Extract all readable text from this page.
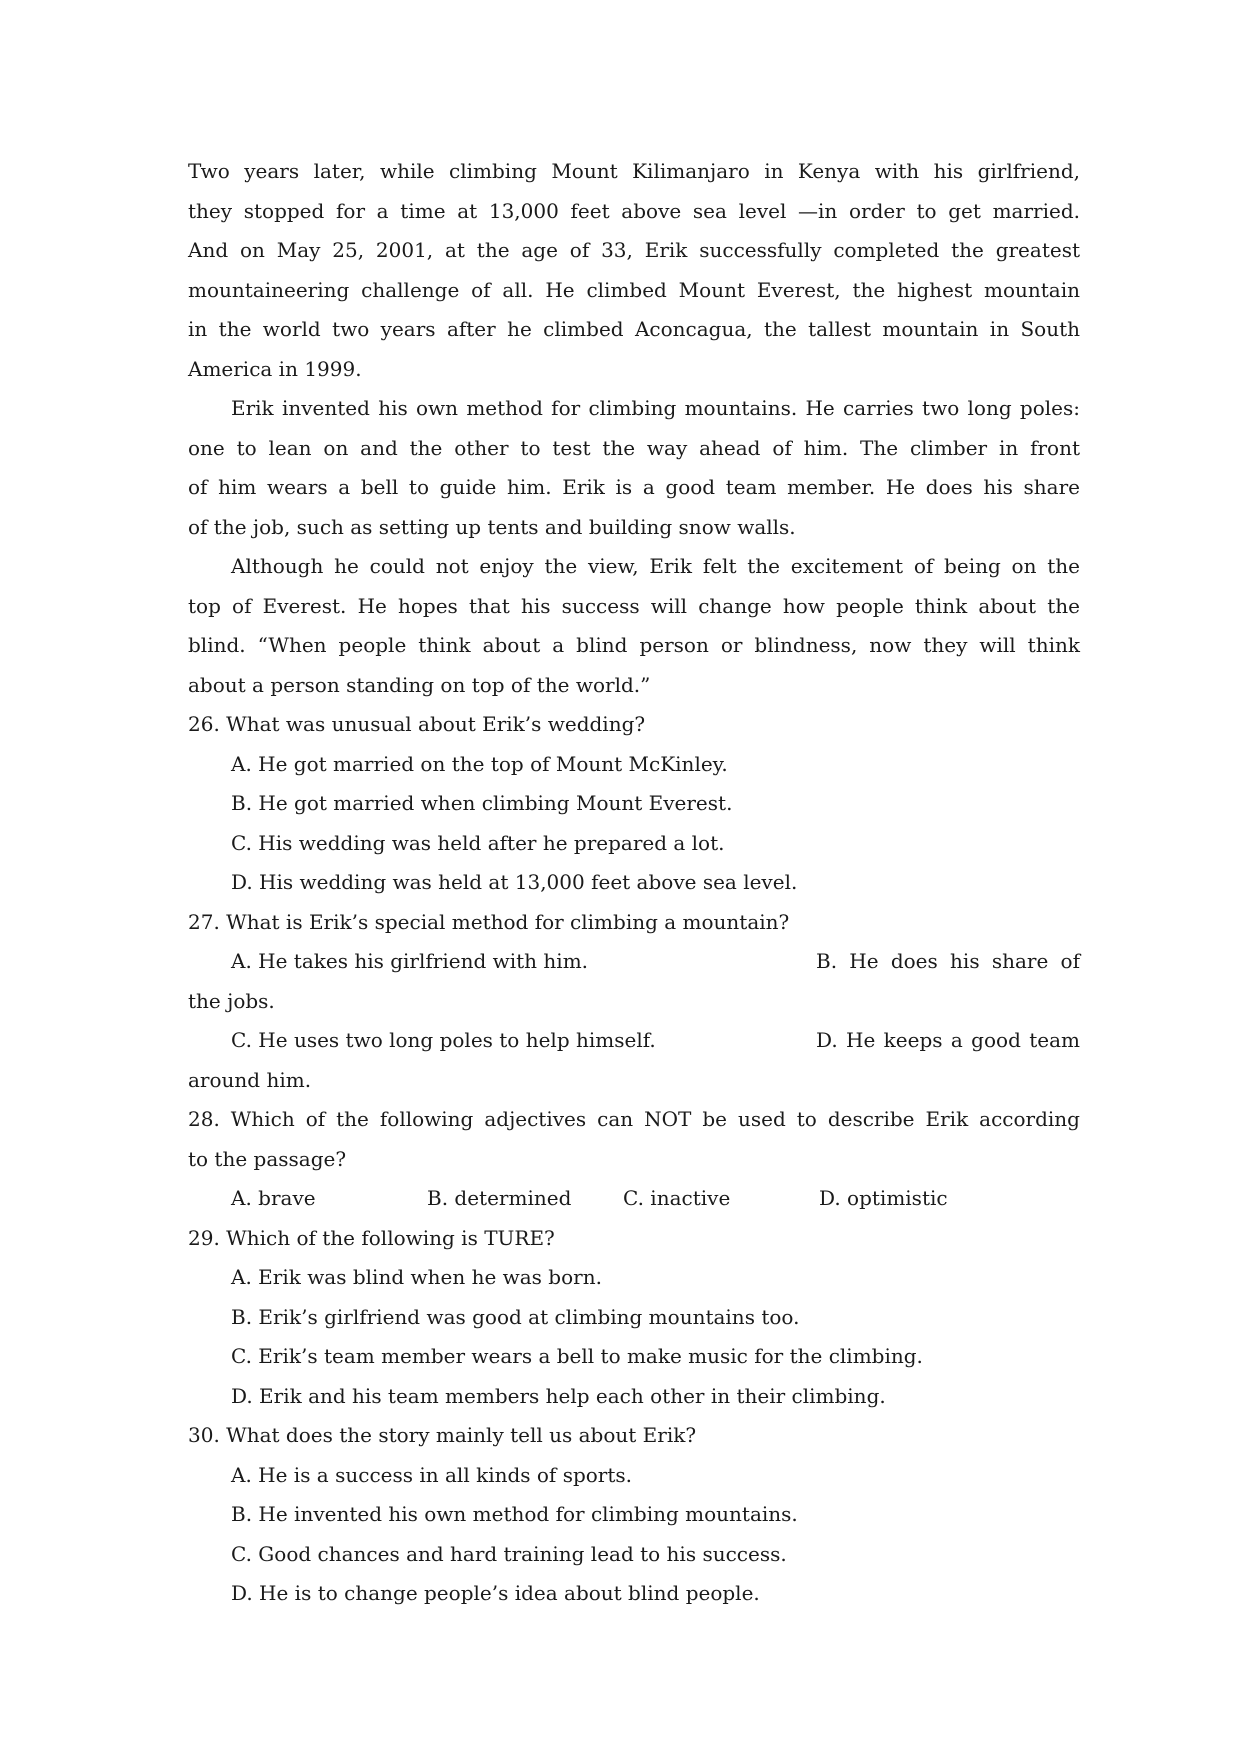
Two years later, while climbing Mount Kilimanjaro in Kenya with his girlfriend,
they stopped for a time at 13,000 feet above sea level —in order to get married.
And on May 25, 2001, at the age of 33, Erik successfully completed the greatest
mountaineering challenge of all. He climbed Mount Everest, the highest mountain
in the world two years after he climbed Aconcagua, the tallest mountain in South
America in 1999.
Erik invented his own method for climbing mountains. He carries two long poles:
one to lean on and the other to test the way ahead of him. The climber in front
of him wears a bell to guide him. Erik is a good team member. He does his share
of the job, such as setting up tents and building snow walls.
Although he could not enjoy the view, Erik felt the excitement of being on the
top of Everest. He hopes that his success will change how people think about the
blind. “When people think about a blind person or blindness, now they will think
about a person standing on top of the world.”
26. What was unusual about Erik’s wedding?
A. He got married on the top of Mount McKinley.
B. He got married when climbing Mount Everest.
C. His wedding was held after he prepared a lot.
D. His wedding was held at 13,000 feet above sea level.
27. What is Erik’s special method for climbing a mountain?
A. He takes his girlfriend with him.	B. He does his share of
the jobs.
C. He uses two long poles to help himself.	D. He keeps a good team
around him.
28. Which of the following adjectives can NOT be used to describe Erik according
to the passage?
A. brave	B. determined	C. inactive	D. optimistic
29. Which of the following is TURE?
A. Erik was blind when he was born.
B. Erik’s girlfriend was good at climbing mountains too.
C. Erik’s team member wears a bell to make music for the climbing.
D. Erik and his team members help each other in their climbing.
30. What does the story mainly tell us about Erik?
A. He is a success in all kinds of sports.
B. He invented his own method for climbing mountains.
C. Good chances and hard training lead to his success.
D. He is to change people’s idea about blind people.
